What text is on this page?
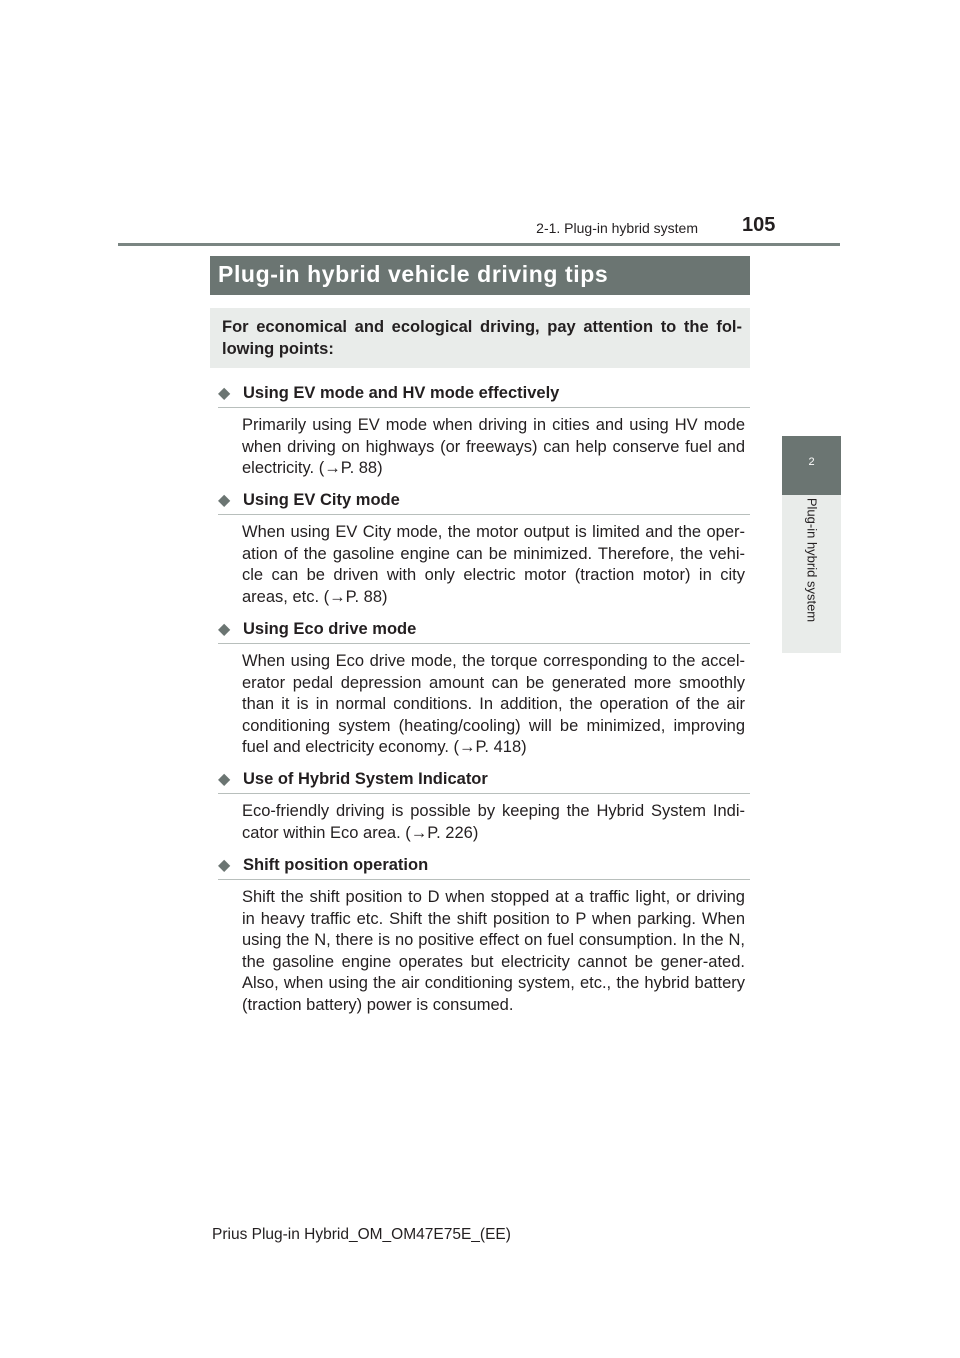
2-1. Plug-in hybrid system 105
2
Plug-in hybrid system
Plug-in hybrid vehicle driving tips
For economical and ecological driving, pay attention to the fol-lowing points:
◆ Using EV mode and HV mode effectively
Primarily using EV mode when driving in cities and using HV mode when driving on highways (or freeways) can help conserve fuel and electricity. (→P. 88)
◆ Using EV City mode
When using EV City mode, the motor output is limited and the oper-ation of the gasoline engine can be minimized. Therefore, the vehi-cle can be driven with only electric motor (traction motor) in city areas, etc. (→P. 88)
◆ Using Eco drive mode
When using Eco drive mode, the torque corresponding to the accel-erator pedal depression amount can be generated more smoothly than it is in normal conditions. In addition, the operation of the air conditioning system (heating/cooling) will be minimized, improving fuel and electricity economy. (→P. 418)
◆ Use of Hybrid System Indicator
Eco-friendly driving is possible by keeping the Hybrid System Indi-cator within Eco area. (→P. 226)
◆ Shift position operation
Shift the shift position to D when stopped at a traffic light, or driving in heavy traffic etc. Shift the shift position to P when parking. When using the N, there is no positive effect on fuel consumption. In the N, the gasoline engine operates but electricity cannot be gener-ated. Also, when using the air conditioning system, etc., the hybrid battery (traction battery) power is consumed.
Prius Plug-in Hybrid_OM_OM47E75E_(EE)
